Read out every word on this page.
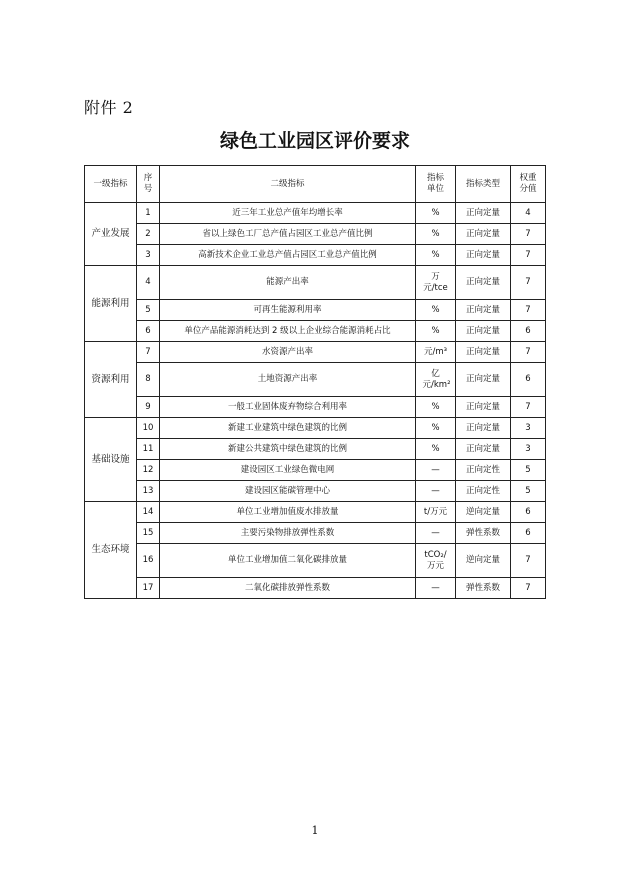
附件 2
绿色工业园区评价要求
一级指标	序号	二级指标	指标单位	指标类型	权重分值
产业发展	1	近三年工业总产值年均增长率	%	正向定量	4
	2	省以上绿色工厂总产值占园区工业总产值比例	%	正向定量	7
	3	高新技术企业工业总产值占园区工业总产值比例	%	正向定量	7
能源利用	4	能源产出率	万元/tce	正向定量	7
	5	可再生能源利用率	%	正向定量	7
	6	单位产品能源消耗达到 2 级以上企业综合能源消耗占比	%	正向定量	6
资源利用	7	水资源产出率	元/m³	正向定量	7
	8	土地资源产出率	亿元/km²	正向定量	6
	9	一般工业固体废弃物综合利用率	%	正向定量	7
基础设施	10	新建工业建筑中绿色建筑的比例	%	正向定量	3
	11	新建公共建筑中绿色建筑的比例	%	正向定量	3
	12	建设园区工业绿色微电网	—	正向定性	5
	13	建设园区能碳管理中心	—	正向定性	5
生态环境	14	单位工业增加值废水排放量	t/万元	逆向定量	6
	15	主要污染物排放弹性系数	—	弹性系数	6
	16	单位工业增加值二氧化碳排放量	tCO₂/万元	逆向定量	7
	17	二氧化碳排放弹性系数	—	弹性系数	7
1
